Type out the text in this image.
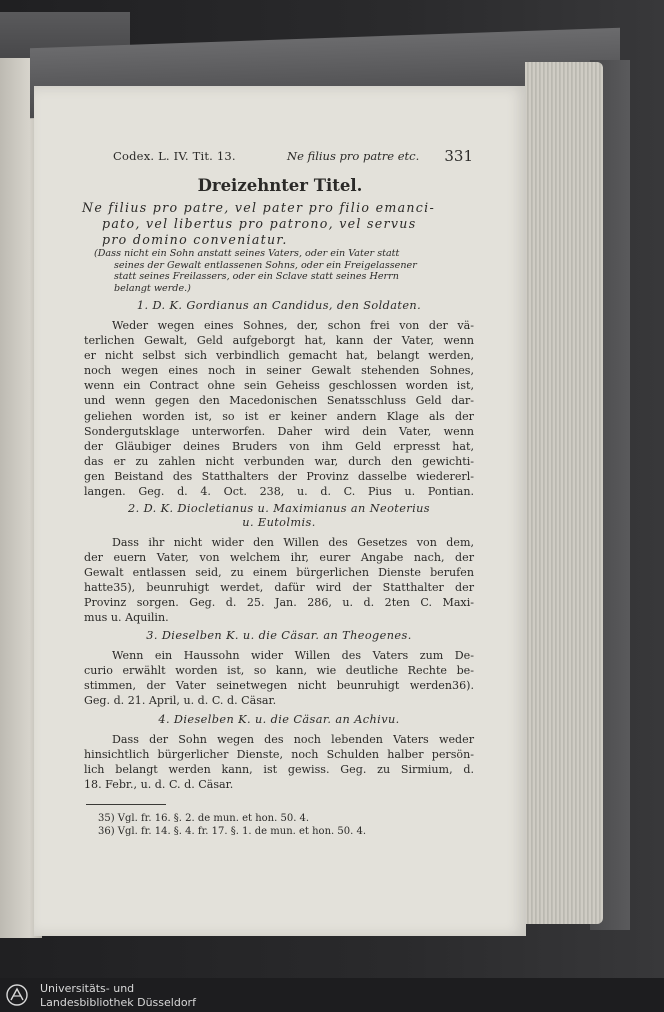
Codex. L. IV. Tit. 13.	Ne filius pro patre etc. 331
Dreizehnter Titel.
Ne filius pro patre, vel pater pro filio emanci-
pato, vel libertus pro patrono, vel servus
pro domino conveniatur.
(Dass nicht ein Sohn anstatt seines Vaters, oder ein Vater statt
seines der Gewalt entlassenen Sohns, oder ein Freigelassener
statt seines Freilassers, oder ein Sclave statt seines Herrn
belangt werde.)
1. D. K. Gordianus an Candidus, den Soldaten.
Weder wegen eines Sohnes, der, schon frei von der vä-
terlichen Gewalt, Geld aufgeborgt hat, kann der Vater, wenn
er nicht selbst sich verbindlich gemacht hat, belangt werden,
noch wegen eines noch in seiner Gewalt stehenden Sohnes,
wenn ein Contract ohne sein Geheiss geschlossen worden ist,
und wenn gegen den Macedonischen Senatsschluss Geld dar-
geliehen worden ist, so ist er keiner andern Klage als der
Sondergutsklage unterworfen. Daher wird dein Vater, wenn
der Gläubiger deines Bruders von ihm Geld erpresst hat,
das er zu zahlen nicht verbunden war, durch den gewichti-
gen Beistand des Statthalters der Provinz dasselbe wiedererl-
langen. Geg. d. 4. Oct. 238, u. d. C. Pius u. Pontian.
2. D. K. Diocletianus u. Maximianus an Neoterius
u. Eutolmis.
Dass ihr nicht wider den Willen des Gesetzes von dem,
der euern Vater, von welchem ihr, eurer Angabe nach, der
Gewalt entlassen seid, zu einem bürgerlichen Dienste berufen
hatte35), beunruhigt werdet, dafür wird der Statthalter der
Provinz sorgen. Geg. d. 25. Jan. 286, u. d. 2ten C. Maxi-
mus u. Aquilin.
3. Dieselben K. u. die Cäsar. an Theogenes.
Wenn ein Haussohn wider Willen des Vaters zum De-
curio erwählt worden ist, so kann, wie deutliche Rechte be-
stimmen, der Vater seinetwegen nicht beunruhigt werden36).
Geg. d. 21. April, u. d. C. d. Cäsar.
4. Dieselben K. u. die Cäsar. an Achivu.
Dass der Sohn wegen des noch lebenden Vaters weder
hinsichtlich bürgerlicher Dienste, noch Schulden halber persön-
lich belangt werden kann, ist gewiss. Geg. zu Sirmium, d.
18. Febr., u. d. C. d. Cäsar.
35) Vgl. fr. 16. §. 2. de mun. et hon. 50. 4.
36) Vgl. fr. 14. §. 4. fr. 17. §. 1. de mun. et hon. 50. 4.
Universitäts- und
Landesbibliothek Düsseldorf
